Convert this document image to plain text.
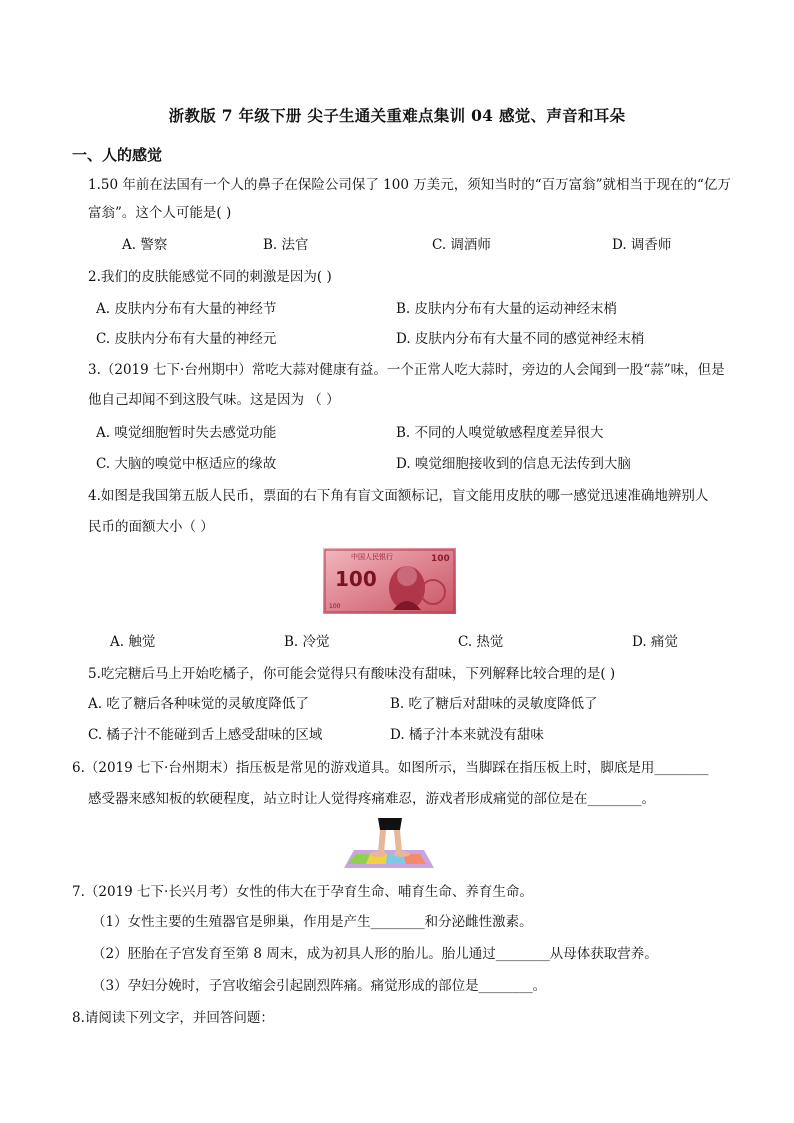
浙教版 7 年级下册 尖子生通关重难点集训 04 感觉、声音和耳朵
一、人的感觉
1.50 年前在法国有一个人的鼻子在保险公司保了 100 万美元，须知当时的“百万富翁”就相当于现在的“亿万
富翁”。这个人可能是( )
A. 警察	B. 法官	C. 调酒师	D. 调香师
2.我们的皮肤能感觉不同的刺激是因为( )
A. 皮肤内分布有大量的神经节	B. 皮肤内分布有大量的运动神经末梢
C. 皮肤内分布有大量的神经元	D. 皮肤内分布有大量不同的感觉神经末梢
3.（2019 七下·台州期中）常吃大蒜对健康有益。一个正常人吃大蒜时，旁边的人会闻到一股“蒜”味，但是
他自己却闻不到这股气味。这是因为 （ ）
A. 嗅觉细胞暂时失去感觉功能	B. 不同的人嗅觉敏感程度差异很大
C. 大脑的嗅觉中枢适应的缘故	D. 嗅觉细胞接收到的信息无法传到大脑
4.如图是我国第五版人民币，票面的右下角有盲文面额标记，盲文能用皮肤的哪一感觉迅速准确地辨别人
民币的面额大小（ ）
中国人民银行	100
100
100
A. 触觉	B. 冷觉	C. 热觉	D. 痛觉
5.吃完糖后马上开始吃橘子，你可能会觉得只有酸味没有甜味，下列解释比较合理的是( )
A. 吃了糖后各种味觉的灵敏度降低了	B. 吃了糖后对甜味的灵敏度降低了
C. 橘子汁不能碰到舌上感受甜味的区域	D. 橘子汁本来就没有甜味
6.（2019 七下·台州期末）指压板是常见的游戏道具。如图所示，当脚踩在指压板上时，脚底是用________
感受器来感知板的软硬程度，站立时让人觉得疼痛难忍，游戏者形成痛觉的部位是在________。
7.（2019 七下·长兴月考）女性的伟大在于孕育生命、哺育生命、养育生命。
（1）女性主要的生殖器官是卵巢，作用是产生________和分泌雌性激素。
（2）胚胎在子宫发育至第 8 周末，成为初具人形的胎儿。胎儿通过________从母体获取营养。
（3）孕妇分娩时，子宫收缩会引起剧烈阵痛。痛觉形成的部位是________。
8.请阅读下列文字，并回答问题：
